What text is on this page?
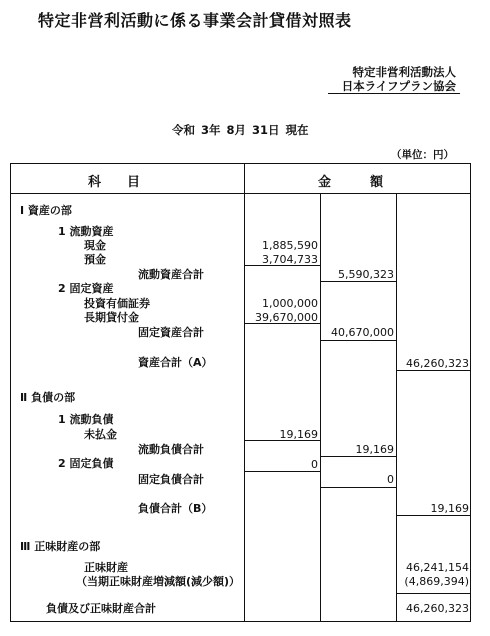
特定非営利活動に係る事業会計貸借対照表
特定非営利活動法人
日本ライフプラン協会
令和 3年 8月 31日 現在
（単位：円）
科　　目	金　　　額
Ⅰ 資産の部
1 流動資産
現金	1,885,590
預金	3,704,733
流動資産合計	5,590,323
2 固定資産
投資有価証券	1,000,000
長期貸付金	39,670,000
固定資産合計	40,670,000
資産合計（A）	46,260,323
Ⅱ 負債の部
1 流動負債
未払金	19,169
流動負債合計	19,169
2 固定負債	0
固定負債合計	0
負債合計（B）	19,169
Ⅲ 正味財産の部
正味財産	46,241,154
（当期正味財産増減額(減少額)）	(4,869,394)
負債及び正味財産合計	46,260,323
